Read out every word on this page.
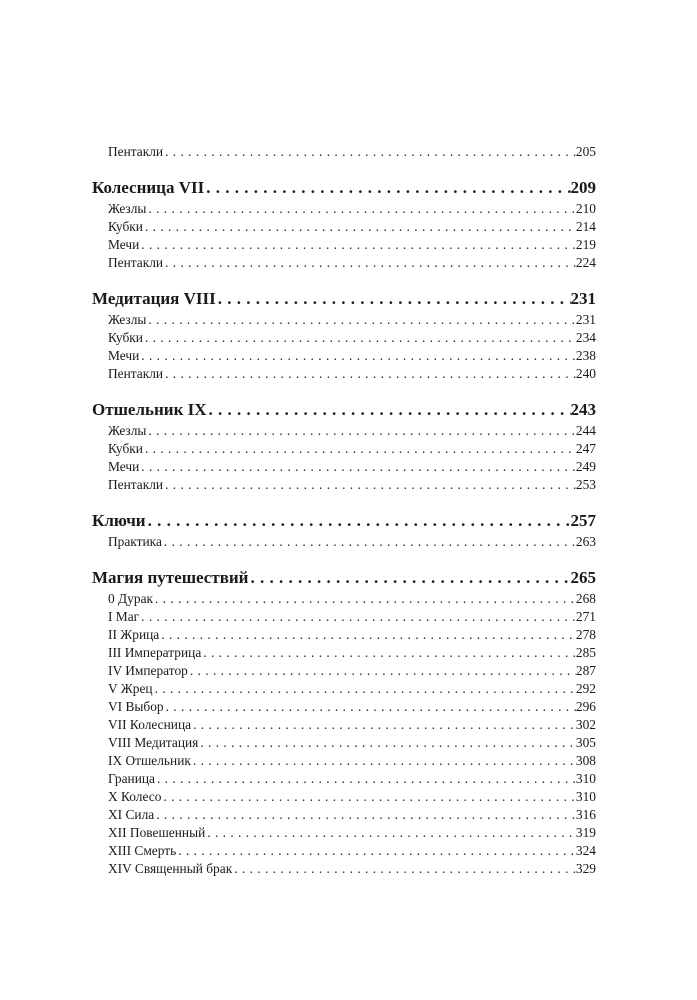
Пентакли . . .	205
Колесница VII . . .	209
Жезлы . . .	210
Кубки . . .	214
Мечи . . .	219
Пентакли . . .	224
Медитация VIII . . .	231
Жезлы . . .	231
Кубки . . .	234
Мечи . . .	238
Пентакли . . .	240
Отшельник IX . . .	243
Жезлы . . .	244
Кубки . . .	247
Мечи . . .	249
Пентакли . . .	253
Ключи . . .	257
Практика . . .	263
Магия путешествий . . .	265
0 Дурак . . .	268
I Маг . . .	271
II Жрица . . .	278
III Императрица . . .	285
IV Император . . .	287
V Жрец . . .	292
VI Выбор . . .	296
VII Колесница . . .	302
VIII Медитация . . .	305
IX Отшельник . . .	308
Граница . . .	310
X Колесо . . .	310
XI Сила . . .	316
XII Повешенный . . .	319
XIII Смерть . . .	324
XIV Священный брак . . .	329
